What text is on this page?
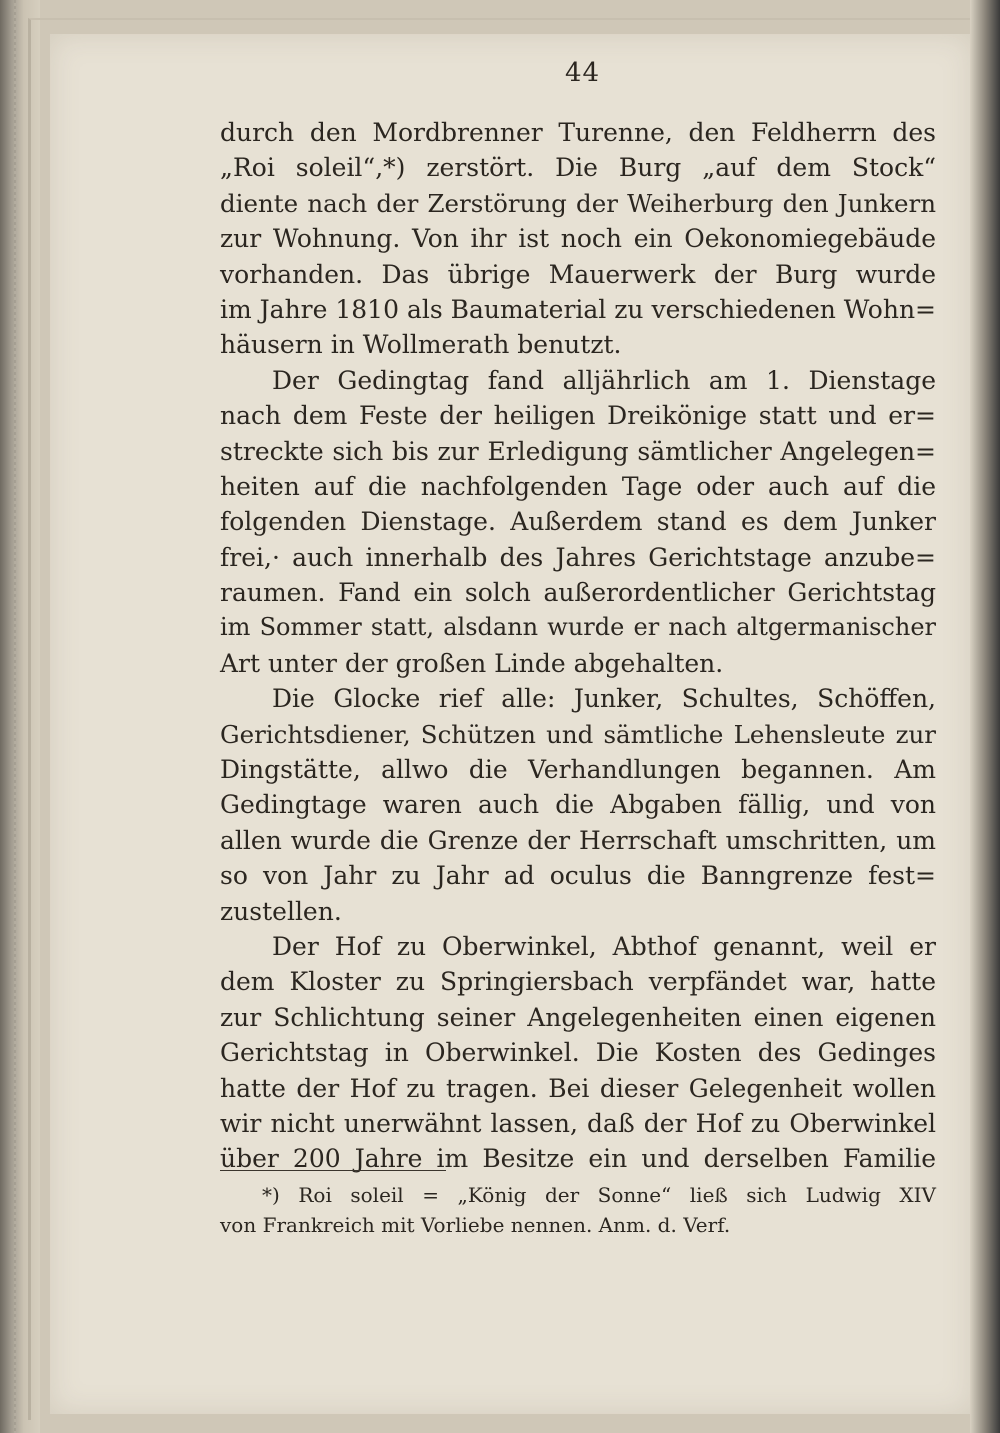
44
durch den Mordbrenner Turenne, den Feldherrn des
„Roi soleil“,*) zerstört. Die Burg „auf dem Stock“
diente nach der Zerstörung der Weiherburg den Junkern
zur Wohnung. Von ihr ist noch ein Oekonomiegebäude
vorhanden. Das übrige Mauerwerk der Burg wurde
im Jahre 1810 als Baumaterial zu verschiedenen Wohn=
häusern in Wollmerath benutzt.
Der Gedingtag fand alljährlich am 1. Dienstage
nach dem Feste der heiligen Dreikönige statt und er=
streckte sich bis zur Erledigung sämtlicher Angelegen=
heiten auf die nachfolgenden Tage oder auch auf die
folgenden Dienstage. Außerdem stand es dem Junker
frei,· auch innerhalb des Jahres Gerichtstage anzube=
raumen. Fand ein solch außerordentlicher Gerichtstag
im Sommer statt, alsdann wurde er nach altgermanischer
Art unter der großen Linde abgehalten.
Die Glocke rief alle: Junker, Schultes, Schöffen,
Gerichtsdiener, Schützen und sämtliche Lehensleute zur
Dingstätte, allwo die Verhandlungen begannen. Am
Gedingtage waren auch die Abgaben fällig, und von
allen wurde die Grenze der Herrschaft umschritten, um
so von Jahr zu Jahr ad oculus die Banngrenze fest=
zustellen.
Der Hof zu Oberwinkel, Abthof genannt, weil er
dem Kloster zu Springiersbach verpfändet war, hatte
zur Schlichtung seiner Angelegenheiten einen eigenen
Gerichtstag in Oberwinkel. Die Kosten des Gedinges
hatte der Hof zu tragen. Bei dieser Gelegenheit wollen
wir nicht unerwähnt lassen, daß der Hof zu Oberwinkel
über 200 Jahre im Besitze ein und derselben Familie
*) Roi soleil = „König der Sonne“ ließ sich Ludwig XIV
von Frankreich mit Vorliebe nennen. Anm. d. Verf.
